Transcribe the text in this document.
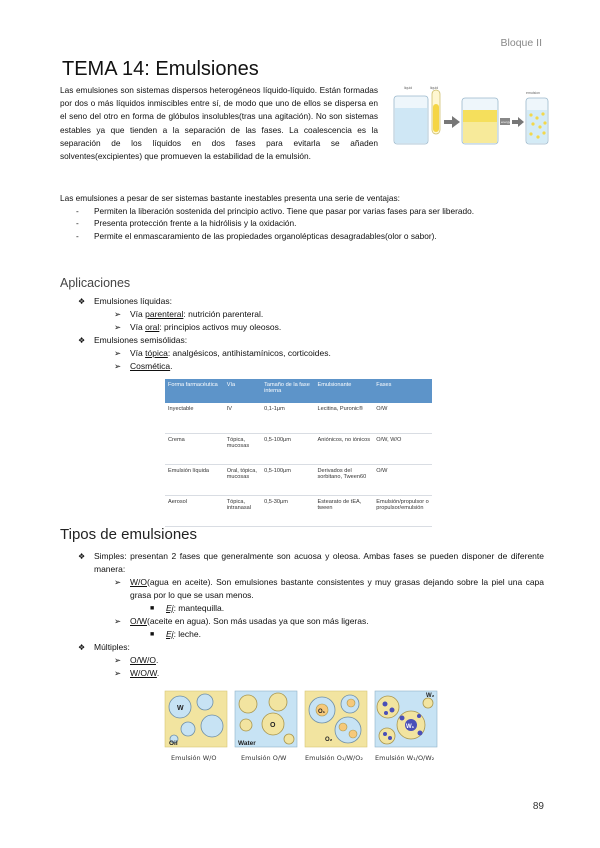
Bloque II
TEMA 14: Emulsiones

Las emulsiones son sistemas dispersos heterogéneos líquido-líquido. Están formadas por dos o más líquidos inmiscibles entre sí, de modo que uno de ellos se dispersa en el seno del otro en forma de glóbulos insolubles(tras una agitación). No son sistemas estables ya que tienden a la separación de las fases. La coalescencia es la separación de los líquidos en dos fases para evitarla se añaden solventes(excipientes) que promueven la estabilidad de la emulsión.

liquid	liquid
energy
emulsion
Las emulsiones a pesar de ser sistemas bastante inestables presenta una serie de ventajas:
- Permiten la liberación sostenida del principio activo. Tiene que pasar por varias fases para ser liberado.
- Presenta protección frente a la hidrólisis y la oxidación.
- Permite el enmascaramiento de las propiedades organolépticas desagradables(olor o sabor).
Aplicaciones
❖ Emulsiones líquidas:
➢ Vía parenteral: nutrición parenteral.
➢ Vía oral: principios activos muy oleosos.
❖ Emulsiones semisólidas:
➢ Vía tópica: analgésicos, antihistamínicos, corticoides.
➢ Cosmética.
Forma farmacéutica	Vía	Tamaño de la fase interna	Emulsionante	Fases
Inyectable	IV	0,1-1μm	Lecitina, Puronic®	O/W
Crema	Tópica, mucosas	0,5-100μm	Aniónicos, no iónicos	O/W, W/O
Emulsión líquida	Oral, tópica, mucosas	0,5-100μm	Derivados del sorbitano, Tween60	O/W
Aerosol	Tópica, intranasal	0,5-30μm	Estearato de tEA, tween	Emulsión/propulsor o propulsor/emulsión
Tipos de emulsiones
❖ Simples: presentan 2 fases que generalmente son acuosa y oleosa. Ambas fases se pueden disponer de diferente manera:
➢ W/O(agua en aceite). Son emulsiones bastante consistentes y muy grasas dejando sobre la piel una capa grasa por lo que se usan menos.
■ Ej: mantequilla.
➢ O/W(aceite en agua). Son más usadas ya que son más ligeras.
■ Ej: leche.
❖ Múltiples:
➢ O/W/O.
➢ W/O/W.
W
Oil
O
Water
O₁
O₂
W₁
W₂
Emulsión W/O	Emulsión O/W	Emulsión O₁/W/O₂ Emulsión W₁/O/W₂
89
